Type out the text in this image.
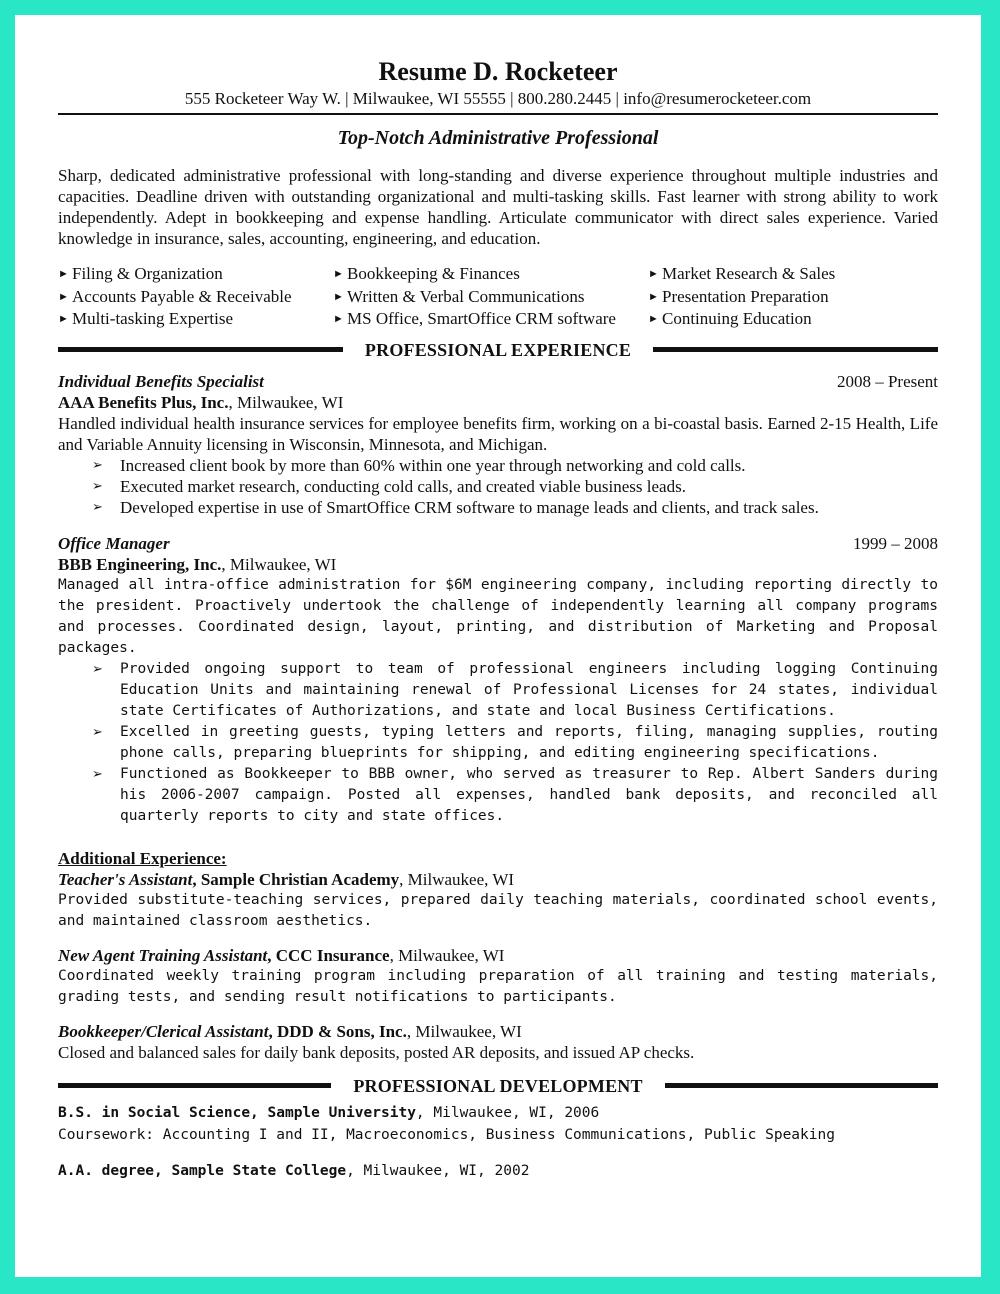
Resume D. Rocketeer

555 Rocketeer Way W. | Milwaukee, WI 55555 | 800.280.2445 | info@resumerocketeer.com

Top-Notch Administrative Professional

Sharp, dedicated administrative professional with long-standing and diverse experience throughout multiple industries and capacities. Deadline driven with outstanding organizational and multi-tasking skills. Fast learner with strong ability to work independently. Adept in bookkeeping and expense handling. Articulate communicator with direct sales experience. Varied knowledge in insurance, sales, accounting, engineering, and education.

► Filing & Organization
► Accounts Payable & Receivable
► Multi-tasking Expertise
► Bookkeeping & Finances
► Written & Verbal Communications
► MS Office, SmartOffice CRM software
► Market Research & Sales
► Presentation Preparation
► Continuing Education
PROFESSIONAL EXPERIENCE
Individual Benefits Specialist	2008 – Present
AAA Benefits Plus, Inc., Milwaukee, WI

Handled individual health insurance services for employee benefits firm, working on a bi-coastal basis. Earned 2-15 Health, Life and Variable Annuity licensing in Wisconsin, Minnesota, and Michigan.

➢ Increased client book by more than 60% within one year through networking and cold calls.
➢ Executed market research, conducting cold calls, and created viable business leads.
➢ Developed expertise in use of SmartOffice CRM software to manage leads and clients, and track sales.
Office Manager	1999 – 2008
BBB Engineering, Inc., Milwaukee, WI

Managed all intra-office administration for $6M engineering company, including reporting directly to the president. Proactively undertook the challenge of independently learning all company programs and processes. Coordinated design, layout, printing, and distribution of Marketing and Proposal packages.

➢ Provided ongoing support to team of professional engineers including logging Continuing Education Units and maintaining renewal of Professional Licenses for 24 states, individual state Certificates of Authorizations, and state and local Business Certifications.
➢ Excelled in greeting guests, typing letters and reports, filing, managing supplies, routing phone calls, preparing blueprints for shipping, and editing engineering specifications.
➢ Functioned as Bookkeeper to BBB owner, who served as treasurer to Rep. Albert Sanders during his 2006-2007 campaign. Posted all expenses, handled bank deposits, and reconciled all quarterly reports to city and state offices.

Additional Experience:

Teacher's Assistant, Sample Christian Academy, Milwaukee, WI

Provided substitute-teaching services, prepared daily teaching materials, coordinated school events, and maintained classroom aesthetics.

New Agent Training Assistant, CCC Insurance, Milwaukee, WI

Coordinated weekly training program including preparation of all training and testing materials, grading tests, and sending result notifications to participants.

Bookkeeper/Clerical Assistant, DDD & Sons, Inc., Milwaukee, WI

Closed and balanced sales for daily bank deposits, posted AR deposits, and issued AP checks.

PROFESSIONAL DEVELOPMENT

B.S. in Social Science, Sample University, Milwaukee, WI, 2006

Coursework: Accounting I and II, Macroeconomics, Business Communications, Public Speaking

A.A. degree, Sample State College, Milwaukee, WI, 2002
